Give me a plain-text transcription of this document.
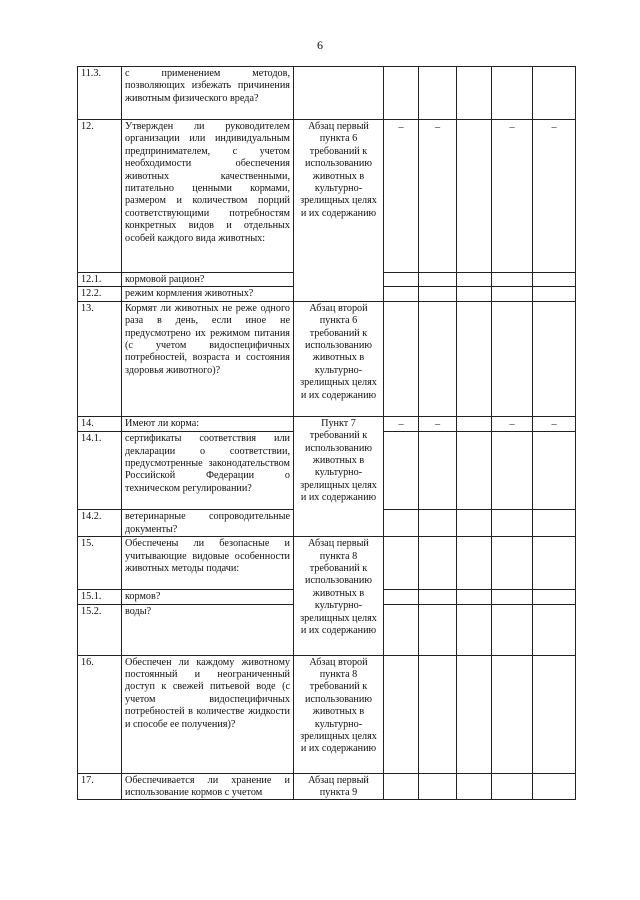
6
11.3.	с применением методов, позволяющих избежать причинения животным физического вреда?						
12.	Утвержден ли руководителем организации или индивидуальным предпринимателем, с учетом необходимости обеспечения животных качественными, питательно ценными кормами, размером и количеством порций соответствующими потребностям конкретных видов и отдельных особей каждого вида животных:	Абзац первый пункта 6 требований к использованию животных в культурно-зрелищных целях и их содержанию	–	–		–	–
12.1.	кормовой рацион?						
12.2.	режим кормления животных?						
13.	Кормят ли животных не реже одного раза в день, если иное не предусмотрено их режимом питания (с учетом видоспецифичных потребностей, возраста и состояния здоровья животного)?	Абзац второй пункта 6 требований к использованию животных в культурно-зрелищных целях и их содержанию					
14.	Имеют ли корма:	Пункт 7 требований к использованию животных в культурно-зрелищных целях и их содержанию	–	–		–	–
14.1.	сертификаты соответствия или декларации о соответствии, предусмотренные законодательством Российской Федерации о техническом регулировании?						
14.2.	ветеринарные сопроводительные документы?						
15.	Обеспечены ли безопасные и учитывающие видовые особенности животных методы подачи:	Абзац первый пункта 8 требований к использованию животных в культурно-зрелищных целях и их содержанию					
15.1.	кормов?						
15.2.	воды?						
16.	Обеспечен ли каждому животному постоянный и неограниченный доступ к свежей питьевой воде (с учетом видоспецифичных потребностей в количестве жидкости и способе ее получения)?	Абзац второй пункта 8 требований к использованию животных в культурно-зрелищных целях и их содержанию					
17.	Обеспечивается ли хранение и использование кормов с учетом	Абзац первый пункта 9					
